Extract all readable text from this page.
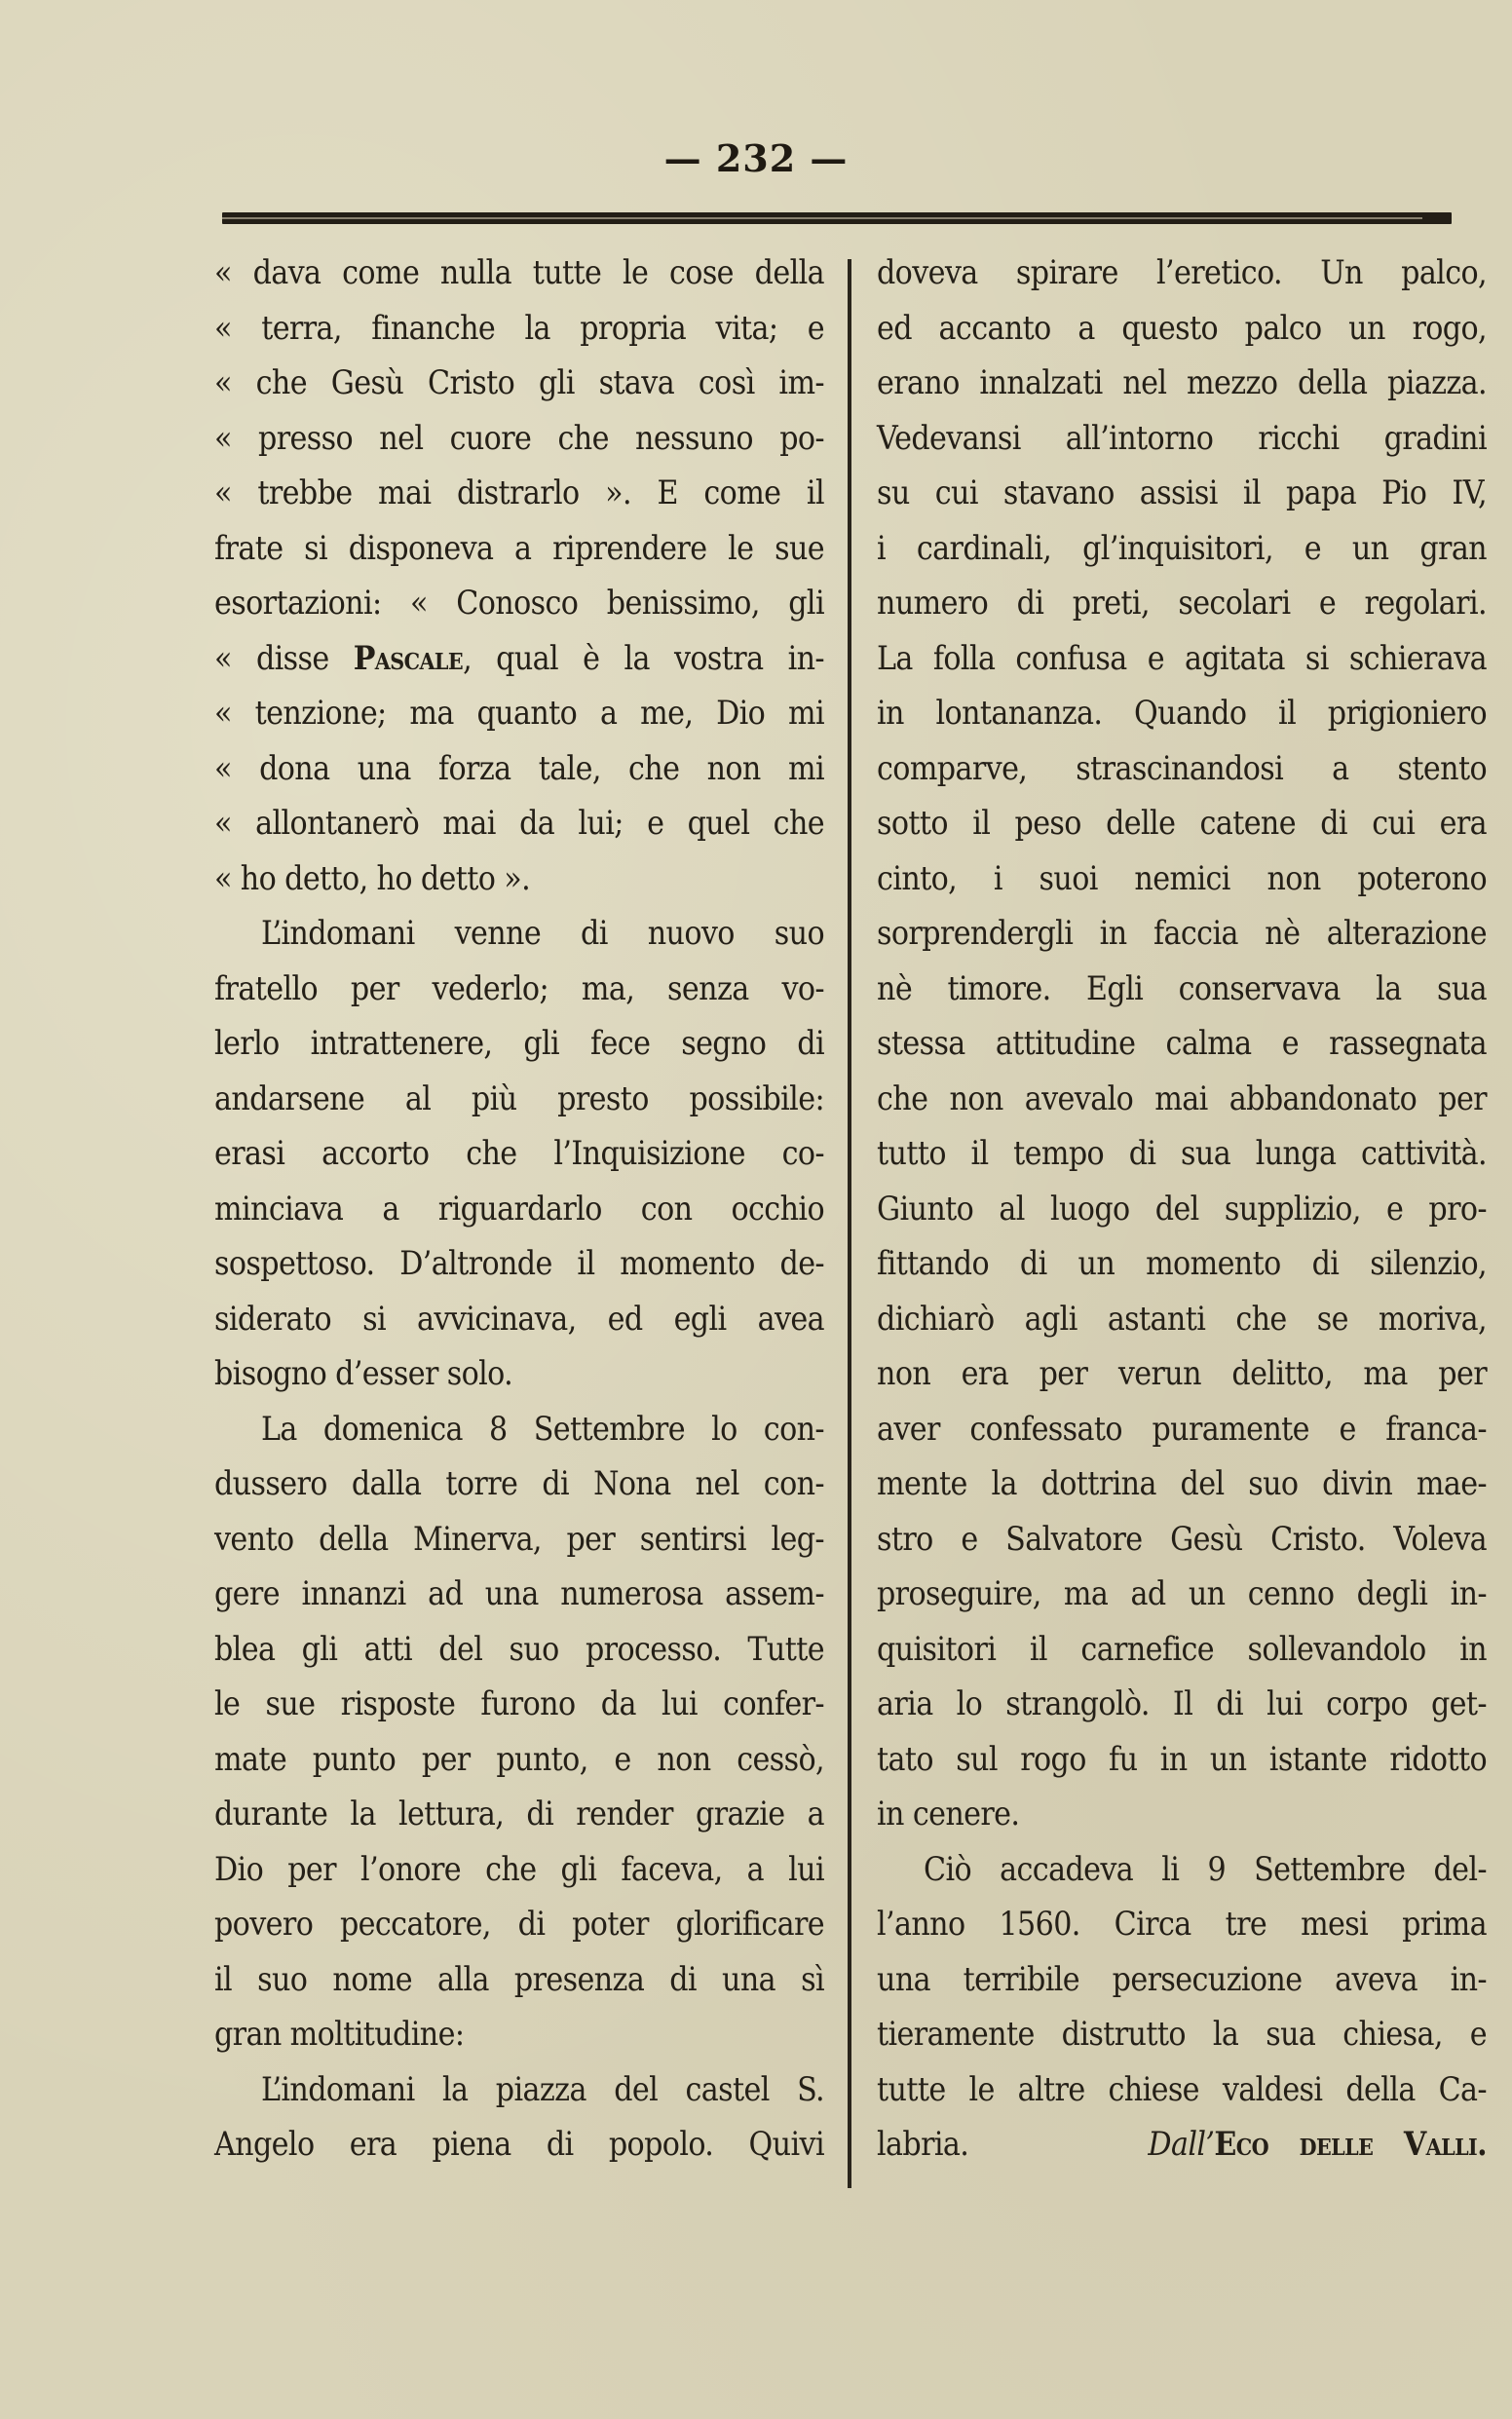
— 232 —
« dava come nulla tutte le cose della
« terra, finanche la propria vita; e
« che Gesù Cristo gli stava così im-
« presso nel cuore che nessuno po-
« trebbe mai distrarlo ». E come il
frate si disponeva a riprendere le sue
esortazioni: « Conosco benissimo, gli
« disse Pascale, qual è la vostra in-
« tenzione; ma quanto a me, Dio mi
« dona una forza tale, che non mi
« allontanerò mai da lui; e quel che
« ho detto, ho detto ».
L’indomani venne di nuovo suo
fratello per vederlo; ma, senza vo-
lerlo intrattenere, gli fece segno di
andarsene al più presto possibile:
erasi accorto che l’Inquisizione co-
minciava a riguardarlo con occhio
sospettoso. D’altronde il momento de-
siderato si avvicinava, ed egli avea
bisogno d’esser solo.
La domenica 8 Settembre lo con-
dussero dalla torre di Nona nel con-
vento della Minerva, per sentirsi leg-
gere innanzi ad una numerosa assem-
blea gli atti del suo processo. Tutte
le sue risposte furono da lui confer-
mate punto per punto, e non cessò,
durante la lettura, di render grazie a
Dio per l’onore che gli faceva, a lui
povero peccatore, di poter glorificare
il suo nome alla presenza di una sì
gran moltitudine:
L’indomani la piazza del castel S.
Angelo era piena di popolo. Quivi
doveva spirare l’eretico. Un palco,
ed accanto a questo palco un rogo,
erano innalzati nel mezzo della piazza.
Vedevansi all’intorno ricchi gradini
su cui stavano assisi il papa Pio IV,
i cardinali, gl’inquisitori, e un gran
numero di preti, secolari e regolari.
La folla confusa e agitata si schierava
in lontananza. Quando il prigioniero
comparve, strascinandosi a stento
sotto il peso delle catene di cui era
cinto, i suoi nemici non poterono
sorprendergli in faccia nè alterazione
nè timore. Egli conservava la sua
stessa attitudine calma e rassegnata
che non avevalo mai abbandonato per
tutto il tempo di sua lunga cattività.
Giunto al luogo del supplizio, e pro-
fittando di un momento di silenzio,
dichiarò agli astanti che se moriva,
non era per verun delitto, ma per
aver confessato puramente e franca-
mente la dottrina del suo divin mae-
stro e Salvatore Gesù Cristo. Voleva
proseguire, ma ad un cenno degli in-
quisitori il carnefice sollevandolo in
aria lo strangolò. Il di lui corpo get-
tato sul rogo fu in un istante ridotto
in cenere.
Ciò accadeva li 9 Settembre del-
l’anno 1560. Circa tre mesi prima
una terribile persecuzione aveva in-
tieramente distrutto la sua chiesa, e
tutte le altre chiese valdesi della Ca-
labria.      Dall’Eco delle Valli.
